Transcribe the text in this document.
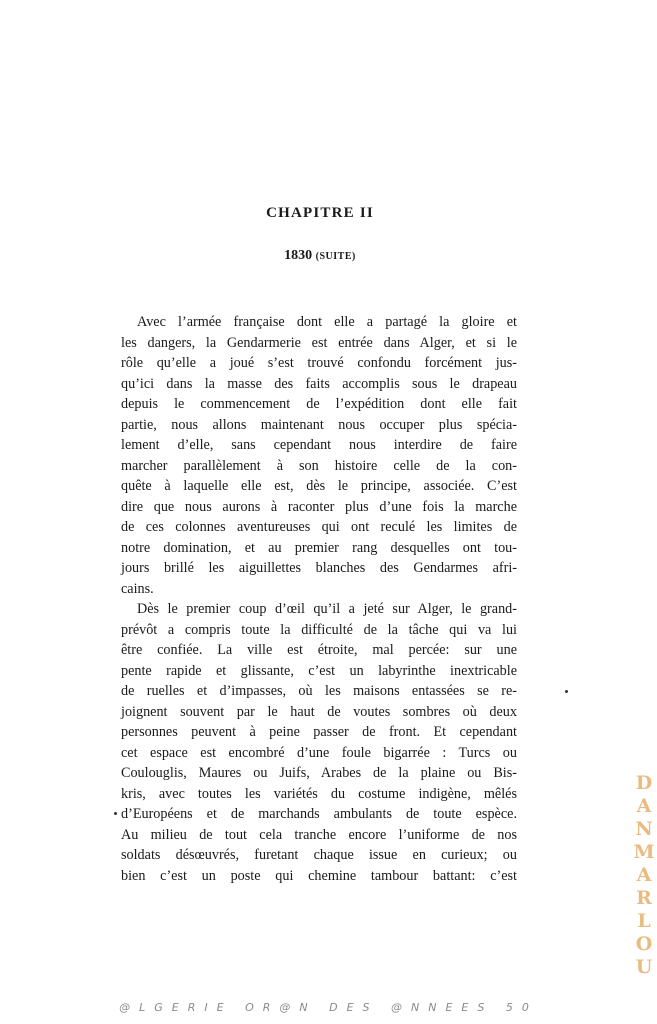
CHAPITRE II
1830 (SUITE)
Avec l’armée française dont elle a partagé la gloire et
les dangers, la Gendarmerie est entrée dans Alger, et si le
rôle qu’elle a joué s’est trouvé confondu forcément jus-
qu’ici dans la masse des faits accomplis sous le drapeau
depuis le commencement de l’expédition dont elle fait
partie, nous allons maintenant nous occuper plus spécia-
lement d’elle, sans cependant nous interdire de faire
marcher parallèlement à son histoire celle de la con-
quête à laquelle elle est, dès le principe, associée. C’est
dire que nous aurons à raconter plus d’une fois la marche
de ces colonnes aventureuses qui ont reculé les limites de
notre domination, et au premier rang desquelles ont tou-
jours brillé les aiguillettes blanches des Gendarmes afri-
cains.
Dès le premier coup d’œil qu’il a jeté sur Alger, le grand-
prévôt a compris toute la difficulté de la tâche qui va lui
être confiée. La ville est étroite, mal percée: sur une
pente rapide et glissante, c’est un labyrinthe inextricable
de ruelles et d’impasses, où les maisons entassées se re-
joignent souvent par le haut de voutes sombres où deux
personnes peuvent à peine passer de front. Et cependant
cet espace est encombré d’une foule bigarrée : Turcs ou
Coulouglis, Maures ou Juifs, Arabes de la plaine ou Bis-
kris, avec toutes les variétés du costume indigène, mêlés
d’Européens et de marchands ambulants de toute espèce.
Au milieu de tout cela tranche encore l’uniforme de nos
soldats désœuvrés, furetant chaque issue en curieux; ou
bien c’est un poste qui chemine tambour battant: c’est
D
A
N
M
A
R
L
O
U
@LGERIE OR@N DES @NNEES 50
